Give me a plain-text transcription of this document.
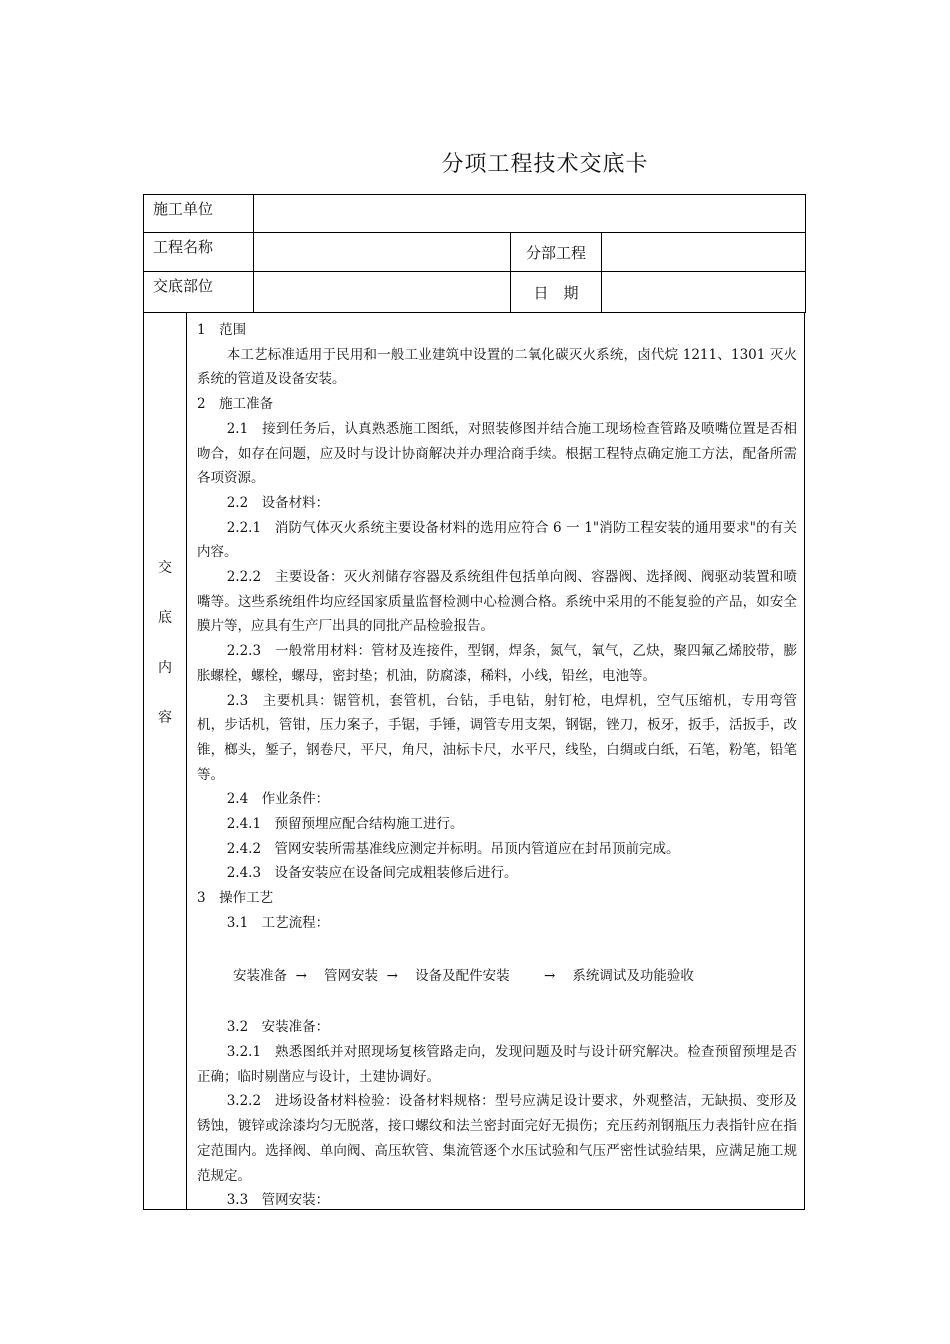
分项工程技术交底卡
施工单位			
工程名称		分部工程	
交底部位		日　期	
交
底
内
容

1　范围

本工艺标准适用于民用和一般工业建筑中设置的二氧化碳灭火系统，卤代烷 1211、1301 灭火系统的管道及设备安装。

2　施工准备

2.1　接到任务后，认真熟悉施工图纸，对照装修图并结合施工现场检查管路及喷嘴位置是否相吻合，如存在问题，应及时与设计协商解决并办理洽商手续。根据工程特点确定施工方法，配备所需各项资源。

2.2　设备材料：

2.2.1　消防气体灭火系统主要设备材料的选用应符合 6 一 1"消防工程安装的通用要求"的有关内容。

2.2.2　主要设备：灭火剂储存容器及系统组件包括单向阀、容器阀、选择阀、阀驱动装置和喷嘴等。这些系统组件均应经国家质量监督检测中心检测合格。系统中采用的不能复验的产品，如安全膜片等，应具有生产厂出具的同批产品检验报告。

2.2.3　一般常用材料：管材及连接件，型钢，焊条，氮气，氧气，乙炔，聚四氟乙烯胶带，膨胀螺栓，螺栓，螺母，密封垫；机油，防腐漆，稀料，小线，铅丝，电池等。

2.3　主要机具：锯管机，套管机，台钻，手电钻，射钉枪，电焊机，空气压缩机，专用弯管机，步话机，管钳，压力案子，手锯，手锤，调管专用支架，钢锯，锉刀，板牙，扳手，活扳手，改锥，榔头，錾子，钢卷尺，平尺，角尺，油标卡尺，水平尺，线坠，白绸或白纸，石笔，粉笔，铅笔等。

2.4　作业条件：

2.4.1　预留预埋应配合结构施工进行。

2.4.2　管网安装所需基准线应测定并标明。吊顶内管道应在封吊顶前完成。

2.4.3　设备安装应在设备间完成粗装修后进行。

3　操作工艺

3.1　工艺流程：

安装准备  →    管网安装  →    设备及配件安装        →    系统调试及功能验收

3.2　安装准备：

3.2.1　熟悉图纸并对照现场复核管路走向，发现问题及时与设计研究解决。检查预留预埋是否正确；临时剔凿应与设计，土建协调好。

3.2.2　进场设备材料检验：设备材料规格：型号应满足设计要求，外观整洁，无缺损、变形及锈蚀，镀锌或涂漆均匀无脱落，接口螺纹和法兰密封面完好无损伤；充压药剂钢瓶压力表指针应在指定范围内。选择阀、单向阀、高压软管、集流管逐个水压试验和气压严密性试验结果，应满足施工规范规定。

3.3　管网安装：
